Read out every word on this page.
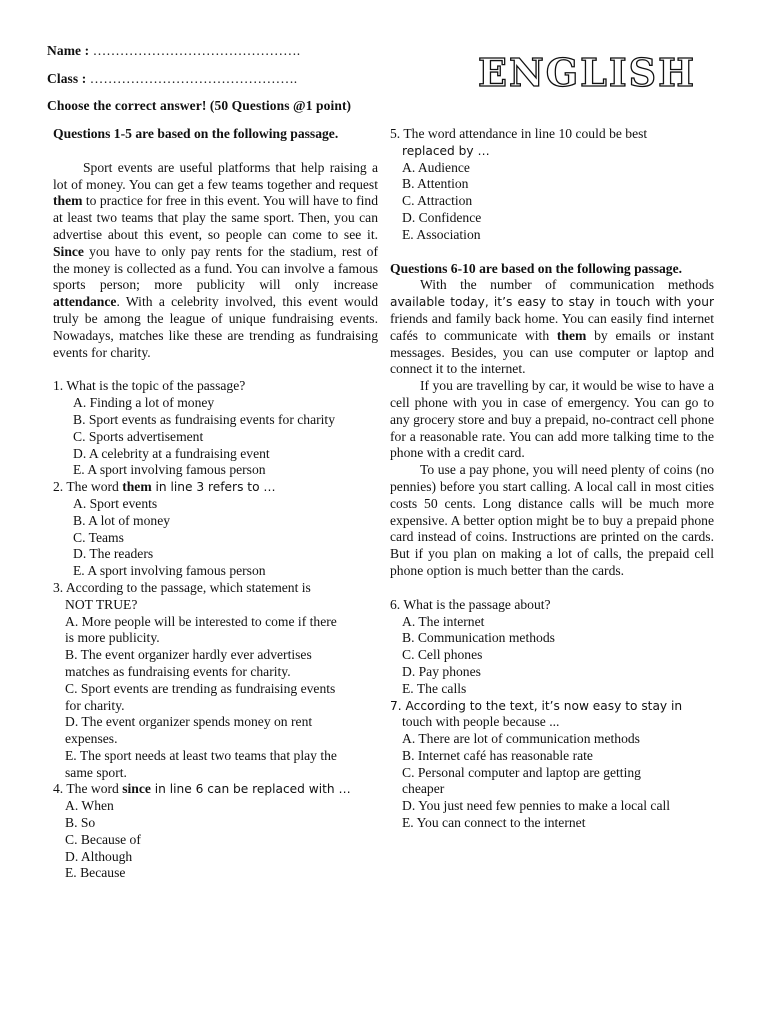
Name : ……………………………………….
Class : ……………………………………….
Choose the correct answer! (50 Questions @1 point)
ENGLISH

Questions 1-5 are based on the following passage.

Sport events are useful platforms that help raising a lot of money. You can get a few teams together and request them to practice for free in this event. You will have to find at least two teams that play the same sport. Then, you can advertise about this event, so people can come to see it. Since you have to only pay rents for the stadium, rest of the money is collected as a fund. You can involve a famous sports person; more publicity will only increase attendance. With a celebrity involved, this event would truly be among the league of unique fundraising events. Nowadays, matches like these are trending as fundraising events for charity.

1. What is the topic of the passage?

A. Finding a lot of money

B. Sport events as fundraising events for charity

C. Sports advertisement

D. A celebrity at a fundraising event

E. A sport involving famous person

2. The word them in line 3 refers to …

A. Sport events

B. A lot of money

C. Teams

D. The readers

E. A sport involving famous person

3. According to the passage, which statement is

NOT TRUE?

A. More people will be interested to come if there

is more publicity.

B. The event organizer hardly ever advertises

matches as fundraising events for charity.

C. Sport events are trending as fundraising events

for charity.

D. The event organizer spends money on rent

expenses.

E. The sport needs at least two teams that play the

same sport.

4. The word since in line 6 can be replaced with …

A. When

B. So

C. Because of

D. Although

E. Because

5. The word attendance in line 10 could be best

replaced by …

A. Audience

B. Attention

C. Attraction

D. Confidence

E. Association

Questions 6-10 are based on the following passage.

With the number of communication methods available today, it’s easy to stay in touch with your friends and family back home. You can easily find internet cafés to communicate with them by emails or instant messages. Besides, you can use computer or laptop and connect it to the internet.

If you are travelling by car, it would be wise to have a cell phone with you in case of emergency. You can go to any grocery store and buy a prepaid, no-contract cell phone for a reasonable rate. You can add more talking time to the phone with a credit card.

To use a pay phone, you will need plenty of coins (no pennies) before you start calling. A local call in most cities costs 50 cents. Long distance calls will be much more expensive. A better option might be to buy a prepaid phone card instead of coins. Instructions are printed on the cards. But if you plan on making a lot of calls, the prepaid cell phone option is much better than the cards.

6. What is the passage about?

A. The internet

B. Communication methods

C. Cell phones

D. Pay phones

E. The calls

7. According to the text, it’s now easy to stay in

touch with people because ...

A. There are lot of communication methods

B. Internet café has reasonable rate

C. Personal computer and laptop are getting

cheaper

D. You just need few pennies to make a local call

E. You can connect to the internet
